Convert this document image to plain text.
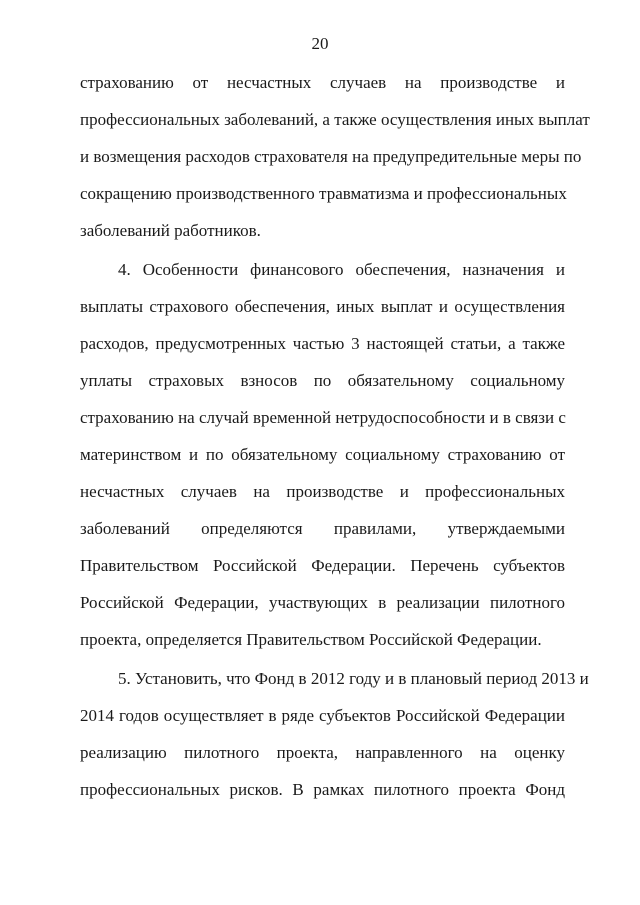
20
страхованию от несчастных случаев на производстве и
профессиональных заболеваний, а также осуществления иных выплат
и возмещения расходов страхователя на предупредительные меры по
сокращению производственного травматизма и профессиональных
заболеваний работников.
4. Особенности финансового обеспечения, назначения и
выплаты страхового обеспечения, иных выплат и осуществления
расходов, предусмотренных частью 3 настоящей статьи, а также
уплаты страховых взносов по обязательному социальному
страхованию на случай временной нетрудоспособности и в связи с
материнством и по обязательному социальному страхованию от
несчастных случаев на производстве и профессиональных
заболеваний определяются правилами, утверждаемыми
Правительством Российской Федерации. Перечень субъектов
Российской Федерации, участвующих в реализации пилотного
проекта, определяется Правительством Российской Федерации.
5. Установить, что Фонд в 2012 году и в плановый период 2013 и
2014 годов осуществляет в ряде субъектов Российской Федерации
реализацию пилотного проекта, направленного на оценку
профессиональных рисков. В рамках пилотного проекта Фонд
